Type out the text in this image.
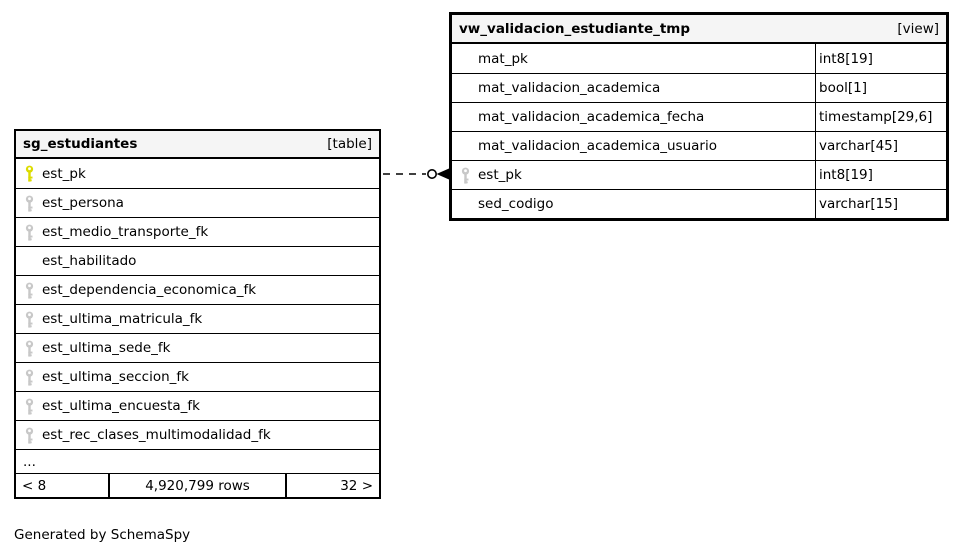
sg_estudiantes	[table]
est_pk
est_persona
est_medio_transporte_fk
est_habilitado
est_dependencia_economica_fk
est_ultima_matricula_fk
est_ultima_sede_fk
est_ultima_seccion_fk
est_ultima_encuesta_fk
est_rec_clases_multimodalidad_fk
...
< 8	4,920,799 rows	32 >
vw_validacion_estudiante_tmp	[view]
mat_pk	int8[19]
mat_validacion_academica	bool[1]
mat_validacion_academica_fecha	timestamp[29,6]
mat_validacion_academica_usuario	varchar[45]
est_pk	int8[19]
sed_codigo	varchar[15]
Generated by SchemaSpy
